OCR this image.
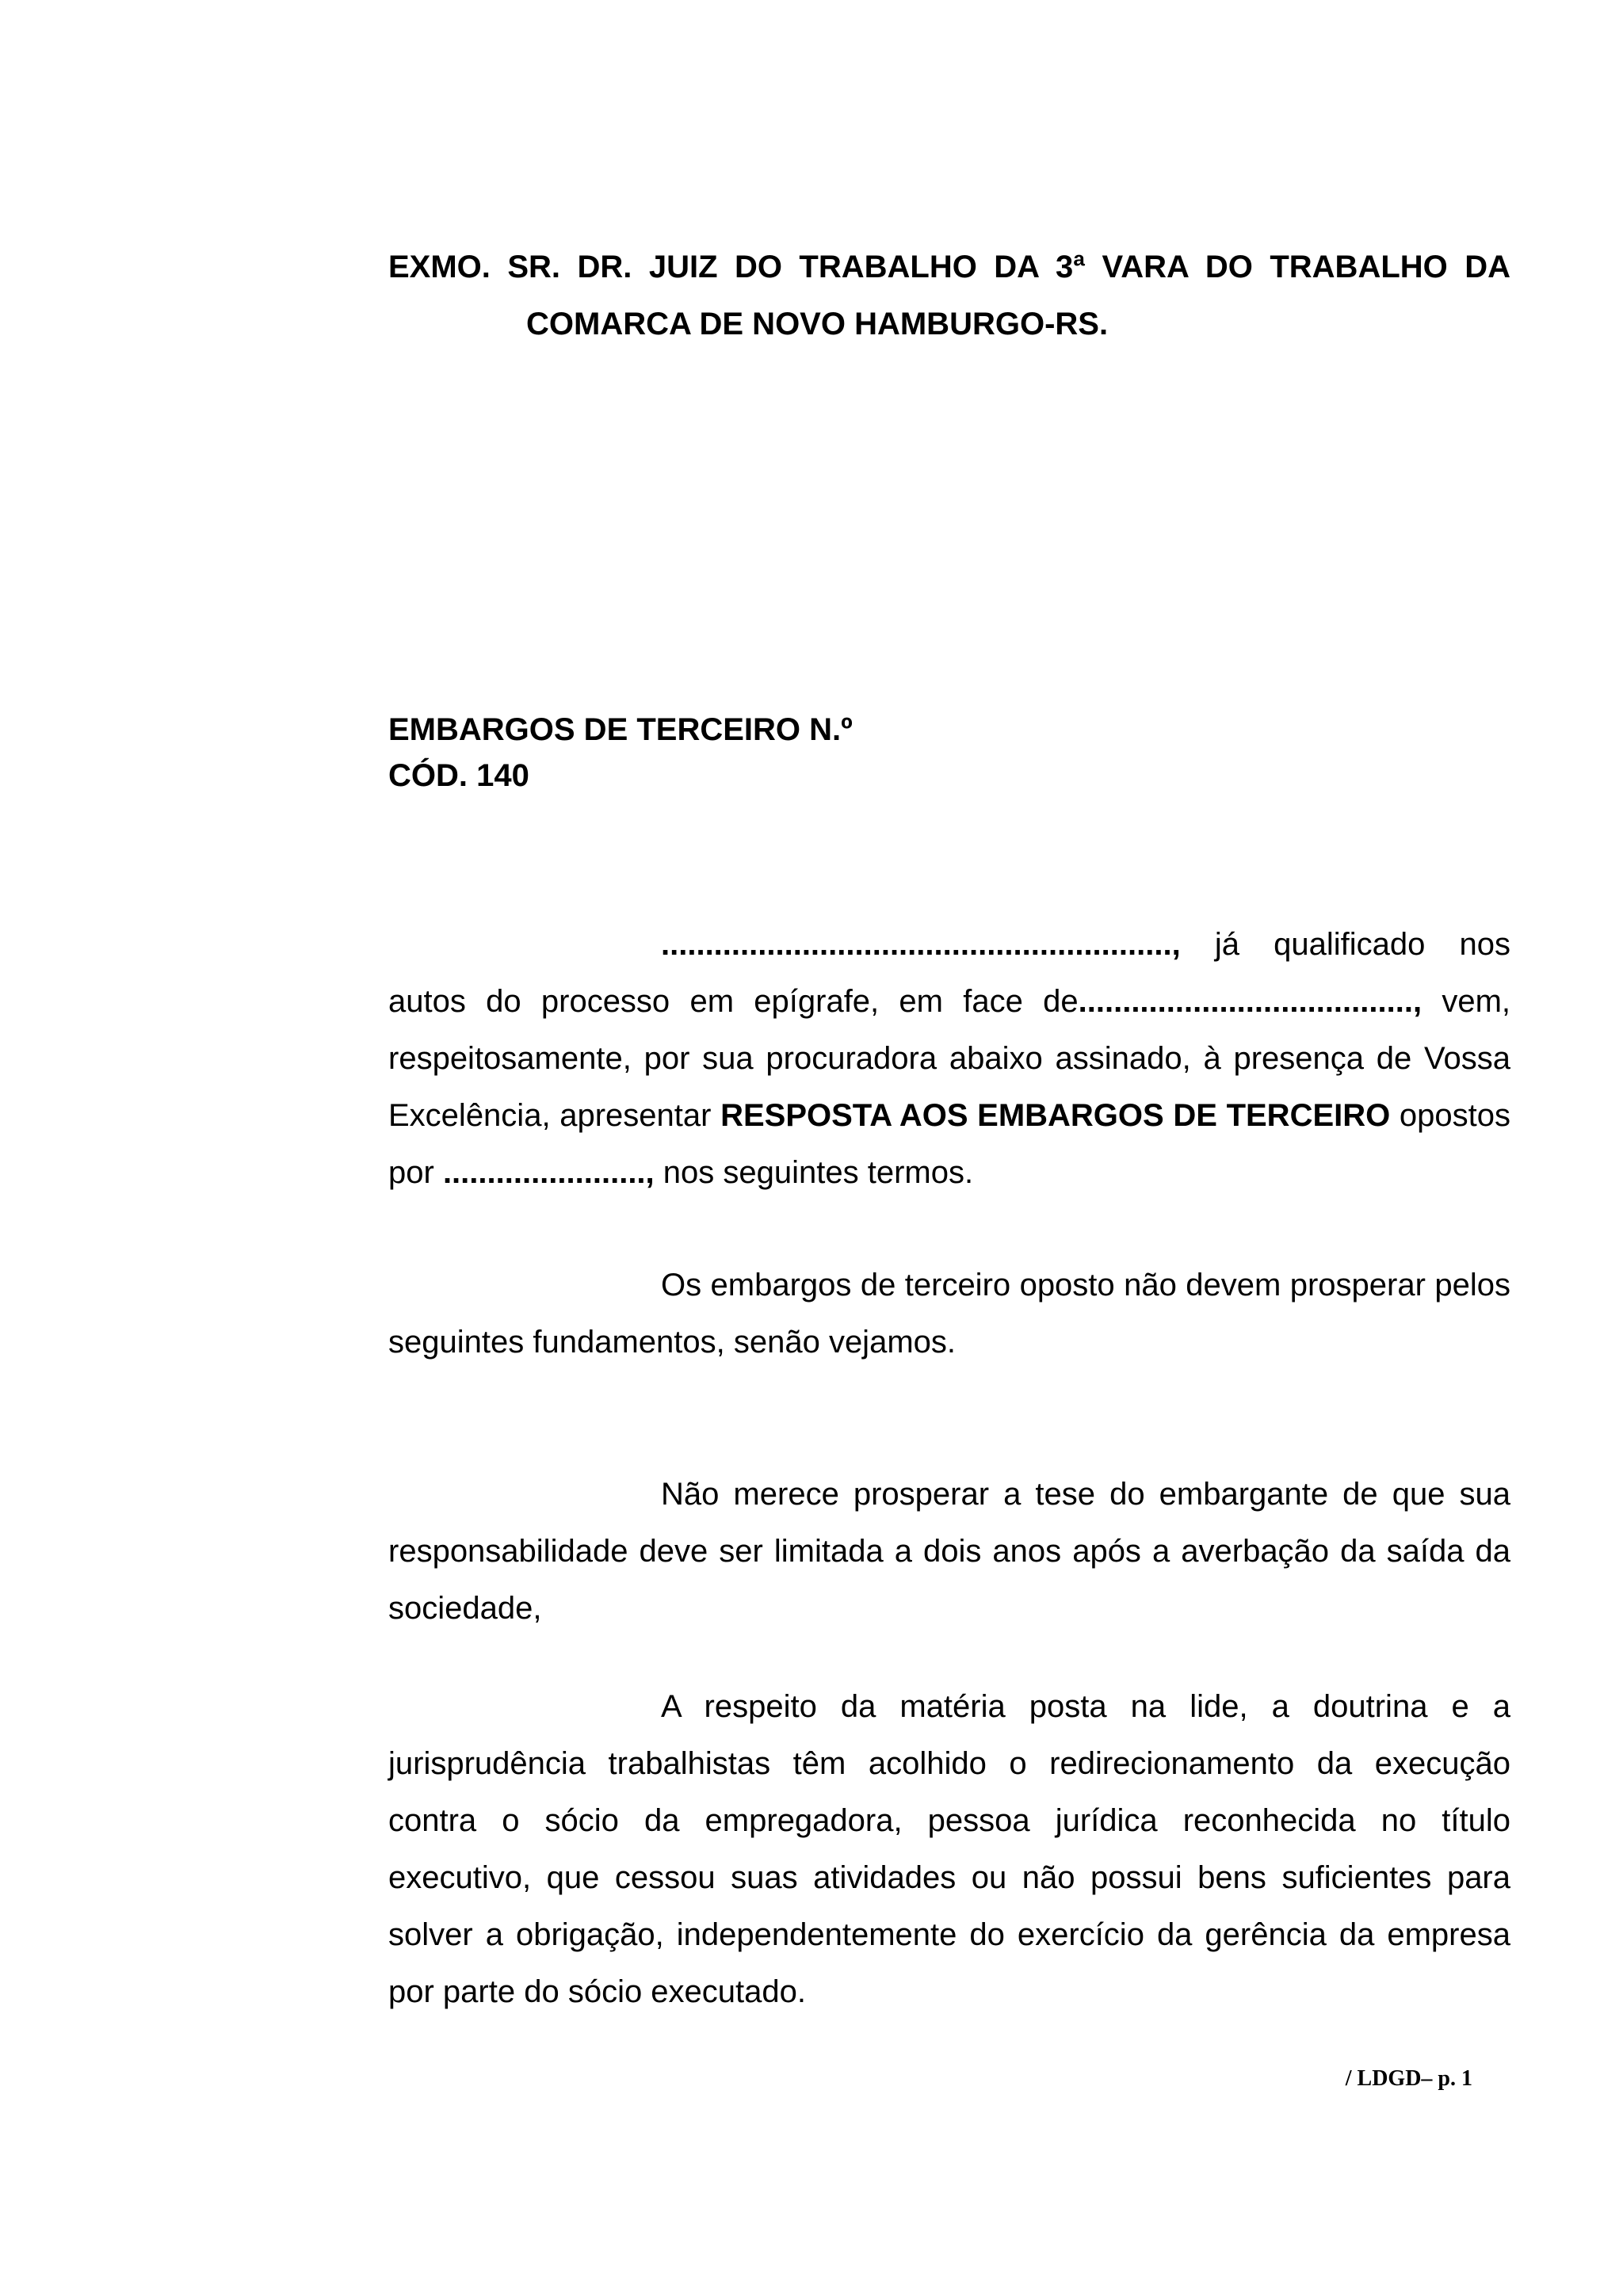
EXMO. SR. DR. JUIZ DO TRABALHO DA 3ª VARA DO TRABALHO DA

COMARCA DE NOVO HAMBURGO-RS.

EMBARGOS DE TERCEIRO N.º

CÓD. 140

.........................................................., já qualificado nos autos do processo em epígrafe, em face de......................................, vem, respeitosamente, por sua procuradora abaixo assinado, à presença de Vossa Excelência, apresentar RESPOSTA AOS EMBARGOS DE TERCEIRO opostos por ......................., nos seguintes termos.

Os embargos de terceiro oposto não devem prosperar pelos seguintes fundamentos, senão vejamos.

Não merece prosperar a tese do embargante de que sua responsabilidade deve ser limitada a dois anos após a averbação da saída da sociedade,

A respeito da matéria posta na lide, a doutrina e a jurisprudência trabalhistas têm acolhido o redirecionamento da execução contra o sócio da empregadora, pessoa jurídica reconhecida no título executivo, que cessou suas atividades ou não possui bens suficientes para solver a obrigação, independentemente do exercício da gerência da empresa por parte do sócio executado.

/ LDGD– p. 1
